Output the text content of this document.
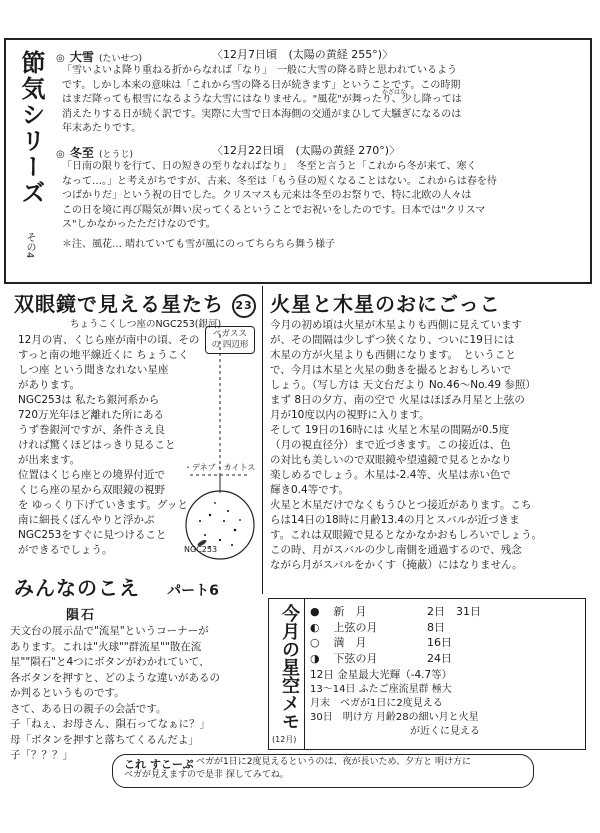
節気シリーズ
その4
◎ 大雪 (たいせつ)	〈12月7日頃 (太陽の黄経 255°)〉

「雪いよいよ降り重ねる折からなれば「なり」　一般に大雪の降る時と思われているよう

です。しかし本来の意味は「これから雪の降る日が続きます」ということです。この時期

はまだ降っても根雪になるような大雪にはなりません。"風花"が舞ったり、少し降っては

消えたりする日が続く訳です。実際に大雪で日本海側の交通がまひして大騒ぎになるのは

年末あたりです。

かざはな
◎ 冬至 (とうじ)	〈12月22日頃 (太陽の黄経 270°)〉

「日南の限りを行て、日の短きの至りなればなり」　冬至と言うと「これから冬が来て、寒く

なって…。」と考えがちですが、古来、冬至は「もう昼の短くなることはない。これからは春を待

つばかりだ」という祝の日でした。クリスマスも元来は冬至のお祭りで、特に北欧の人々は

この日を境に再び陽気が舞い戻ってくるということでお祝いをしたのです。日本では"クリスマ

ス"しかなかったただけなのです。

＊注、風花… 晴れていても雪が風にのってちらちら舞う様子
双眼鏡で見える星たち 23
ちょうこくしつ座のNGC253(銀河)

12月の宵、くじら座が南中の頃、その

すっと南の地平線近くに ちょうこく

しつ座 という聞きなれない星座

があります。

NGC253は 私たち銀河系から

720万光年ほど離れた所にある

うず巻銀河ですが、条件さえ良

ければ驚くほどはっきり見ること

が出来ます。

位置はくじら座との境界付近で

くじら座の星から双眼鏡の視野

を ゆっくり下げていきます。グッと

南に細長くぼんやりと浮かぶ

NGC253をすぐに見つけること

ができるでしょう。

ペガスス の 四辺形
・デネブ・カイトス
NGC253
火星と木星のおにごっこ

今月の初め頃は火星が木星よりも西側に見えています

が、その間隔は少しずつ狭くなり、ついに19日には

木星の方が火星よりも西側になります。　ということ

で、今月は木星と火星の動きを撮るとおもしろいで

しょう。（写し方は 天文台だより No.46〜No.49 参照）

まず 8日の夕方、南の空で 火星はほぼみ月星と上弦の

月が10度以内の視野に入ります。

そして 19日の16時には 火星と木星の間隔が0.5度

（月の視直径分）まで近づきます。この接近は、色

の対比も美しいので双眼鏡や望遠鏡で見るとかなり

楽しめるでしょう。木星は-2.4等、火星は赤い色で

輝き0.4等です。

火星と木星だけでなくもうひとつ接近があります。こち

らは14日の18時に月齢13.4の月とスバルが近づきま

す。これは双眼鏡で見るとなかなかおもしろいでしょう。

この時、月がスバルの少し南側を通過するので、残念

ながら月がスバルをかくす（掩蔽）にはなりません。

みんなのこえ パート6
隕石

天文台の展示品で"流星"というコーナーが

あります。これは"火球""群流星""散在流

星""隕石"と4つにボタンがわかれていて、

各ボタンを押すと、どのような違いがあるの

か判るというものです。

さて、ある日の親子の会話です。

子「ねぇ、お母さん、隕石ってなぁに？」

母「ボタンを押すと落ちてくるんだよ」

子「？？？」

今月の星空メモ
(12月)
● 新　月	2日　31日
◐ 上弦の月	8日
○ 満　月	16日
◑ 下弦の月	24日

12日 金星最大光輝（-4.7等）

13〜14日 ふたご座流星群 極大

月末　ベガが1日に2度見える

30日　明け方 月齢28の細い月と火星

　　　　　　　　　　が近くに見える

これ すこーぷ ベガが1日に2度見えるというのは、夜が長いため、夕方と 明け方に

ベガが見えますので是非 探してみてね。
